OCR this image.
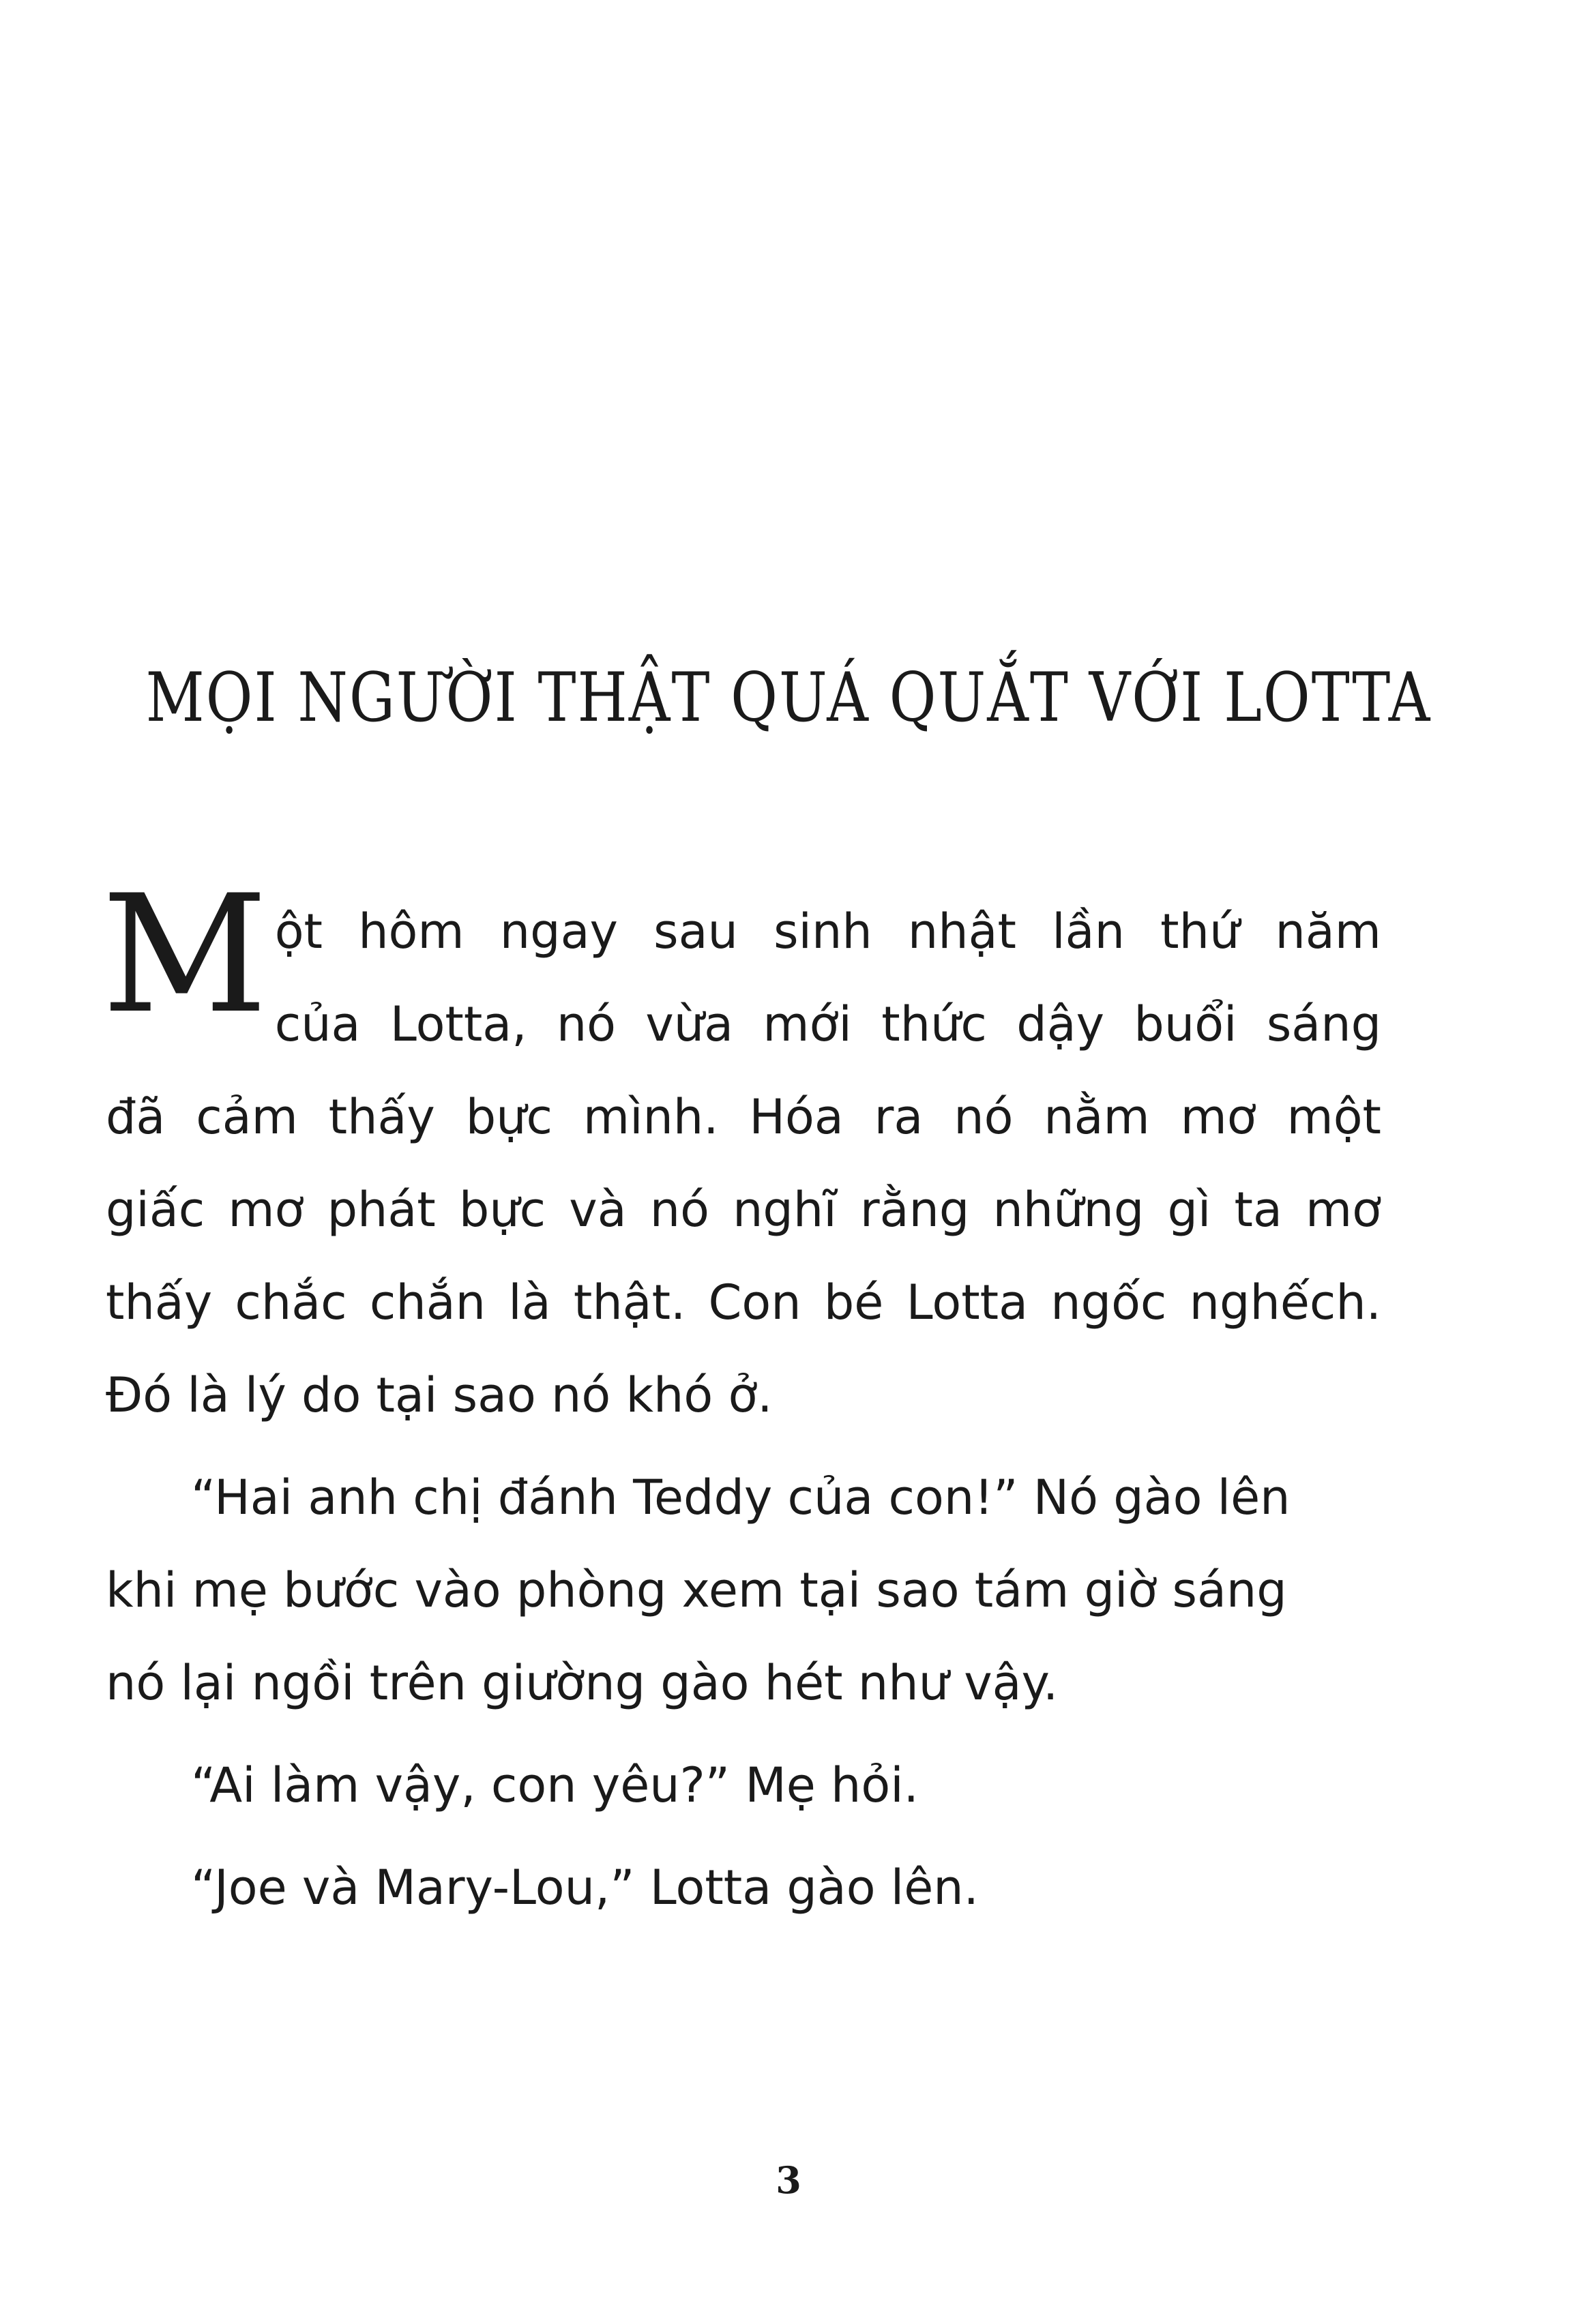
MỌI NGƯỜI THẬT QUÁ QUẮT VỚI LOTTA
M ột hôm ngay sau sinh nhật lần thứ năm
của Lotta, nó vừa mới thức dậy buổi sáng
đã cảm thấy bực mình. Hóa ra nó nằm mơ một
giấc mơ phát bực và nó nghĩ rằng những gì ta mơ
thấy chắc chắn là thật. Con bé Lotta ngốc nghếch.
Đó là lý do tại sao nó khó ở.
“Hai anh chị đánh Teddy của con!” Nó gào lên
khi mẹ bước vào phòng xem tại sao tám giờ sáng
nó lại ngồi trên giường gào hét như vậy.
“Ai làm vậy, con yêu?” Mẹ hỏi.
“Joe và Mary-Lou,” Lotta gào lên.
3
